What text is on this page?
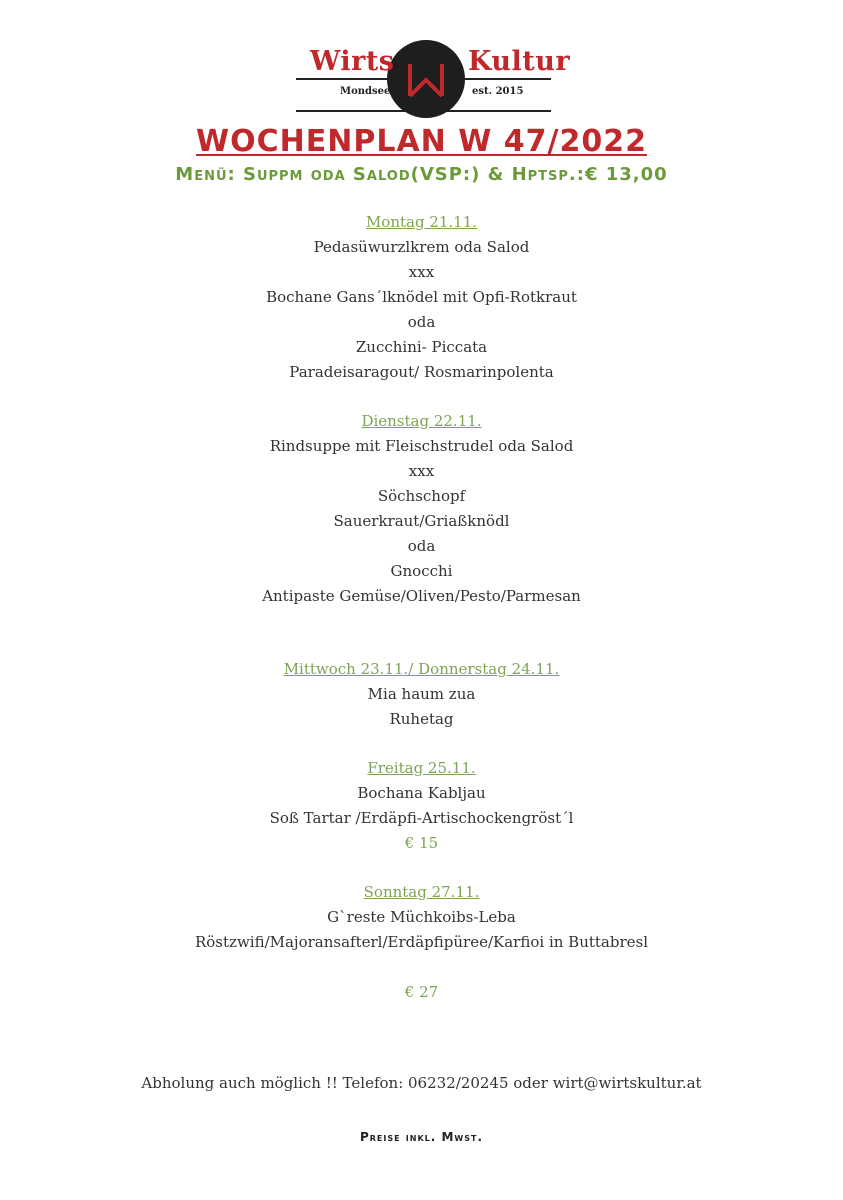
Wirts	Kultur
Mondsee	est. 2015
WOCHENPLAN W 47/2022
Menü: Suppm oda Salod(VSP:) & Hptsp.:€ 13,00
Montag 21.11.
Pedasüwurzlkrem oda Salod
xxx
Bochane Gans´lknödel mit Opfi-Rotkraut
oda
Zucchini- Piccata
Paradeisaragout/ Rosmarinpolenta
Dienstag 22.11.
Rindsuppe mit Fleischstrudel oda Salod
xxx
Söchschopf
Sauerkraut/Griaßknödl
oda
Gnocchi
Antipaste Gemüse/Oliven/Pesto/Parmesan
Mittwoch 23.11./ Donnerstag 24.11.
Mia haum zua
Ruhetag
Freitag 25.11.
Bochana Kabljau
Soß Tartar /Erdäpfi-Artischockengröst´l
€ 15
Sonntag 27.11.
G`reste Müchkoibs-Leba
Röstzwifi/Majoransafterl/Erdäpfipüree/Karfioi in Buttabresl
€ 27
Abholung auch möglich !! Telefon: 06232/20245 oder wirt@wirtskultur.at
Preise inkl. Mwst.
